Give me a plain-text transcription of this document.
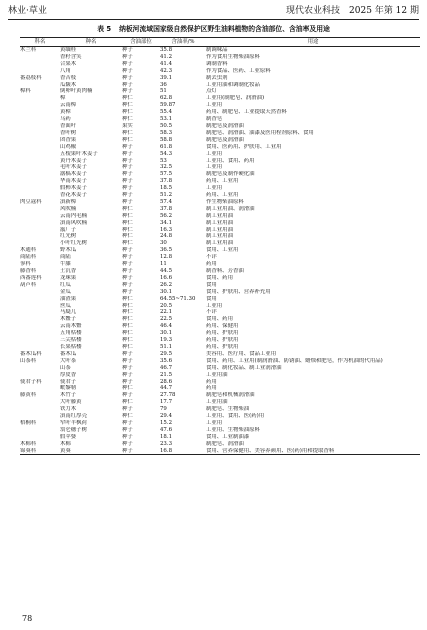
林业·草业	现代农业科技　2025 年第 12 期
表 5 纳板河流域国家级自然保护区野生油料植物的含油部位、含油率及用途
科名	种名	含油部位	含油率/%	用途
木兰科	黄缅桂	种子	35.8	制调味品
	香籽含笑	种子	41.2	作为食用生物柴油原料
	合果木	种子	41.4	调制香料
	八角	种子	42.3	作为食品、医药、工业原料
番荔枝科	香苦枝	种子	39.1	制去虫剂
	瓜馥木	种子	36	工业用油和调制化妆品
樟科	倒卵叶黄肉楠	种子	51	点灯
	樟	种仁	62.8	工业用(制肥皂、润滑油)
	云南樟	种仁	59.87	工业用
	黄樟	种仁	55.4	药用、制肥皂、工业提取天然香料
	乌药	种仁	53.1	制香皂
	香面叶	果实	50.5	制肥皂及润滑油
	香叶树	种仁	58.3	制肥皂、润滑油、油漆及医用栓剂原料、食用
	团香果	种仁	58.8	制肥皂及润滑油
	山鸡椒	种子	61.8	食用、医药用、护肤用、工业用
	五棱果叶木姜子	种子	54.3	工业用
	黄丹木姜子	种子	53	工业用、食用、药用
	毛叶木姜子	种子	32.5	工业用
	潺槁木姜子	种子	57.5	制肥皂及制作硬化油
	华南木姜子	种子	37.8	药用、工业用
	假柿木姜子	种子	18.5	工业用
	香花木姜子	种子	51.2	药用、工业用
肉豆蔻科	滇新樟	种子	57.4	作生物柴油原料
	风吹楠	种仁	37.8	制工业用油、润滑油
	云南内毛楠	种仁	56.2	制工业用油
	滇南风吹楠	种仁	34.1	制工业用油
	霰厂子	种仁	16.3	制工业用油
	红光树	种仁	24.8	制工业用油
	小叶红光树	种仁	30	制工业用油
木通科	野木瓜	种子	36.5	食用、工业用
商陆科	商陆	种子	12.8	不详
蓼科	牛膝	种子	11	药用
藤香科	土沉香	种子	44.5	制香料、芳香油
西番莲科	龙珠果	种子	16.6	食用、药用
葫芦科	红瓜	种子	26.2	食用
	金瓜	种子	30.1	食用、护肤用、营养补充用
	油渣果	种仁	64.55~71.30	食用
	丝瓜	种仁	20.5	工业用
	马瓞儿	种仁	22.1	不详
	木鳖子	种仁	22.5	食用、药用
	云南木鳖	种仁	46.4	药用、保健用
	五角栝楼	种仁	30.1	药用、护肤用
	三尖栝楼	种仁	19.3	药用、护肤用
	长果栝楼	种仁	51.1	药用、护肤用
番木瓜科	番木瓜	种子	29.5	美容用、医疗用、食品工业用
山茶科	大叶茶	种子	35.6	食用、药用、工业用(制润滑油、防锈油、蜡烛和肥皂，作为机油的代用品)
	山茶	种子	46.7	食用、制化妆品、制工业润滑油
	厚皮香	种子	21.5	工业用油
使君子科	使君子	种子	28.6	药用
	毗黎勒	种仁	44.7	药用
藤黄科	木竹子	种子	27.78	制肥皂和机械润滑油
	大叶藤黄	种仁	17.7	工业用油
	铁力木	种子	79	制肥皂、生物柴油
	滇南红厚壳	种仁	29.4	工业用、食用、医(药)用
梧桐科	窄叶半枫荷	种子	15.2	工业用
	翁仑穗子树	种子	47.6	工业用、生物柴油原料
	假苹婆	种子	18.1	食用、工业制油漆
木棉科	木棉	种子	23.3	制肥皂、润滑油
锦葵科	黄葵	种子	16.8	食用、营养保健用、美容养颜用、医(药)用和提取香料
78
